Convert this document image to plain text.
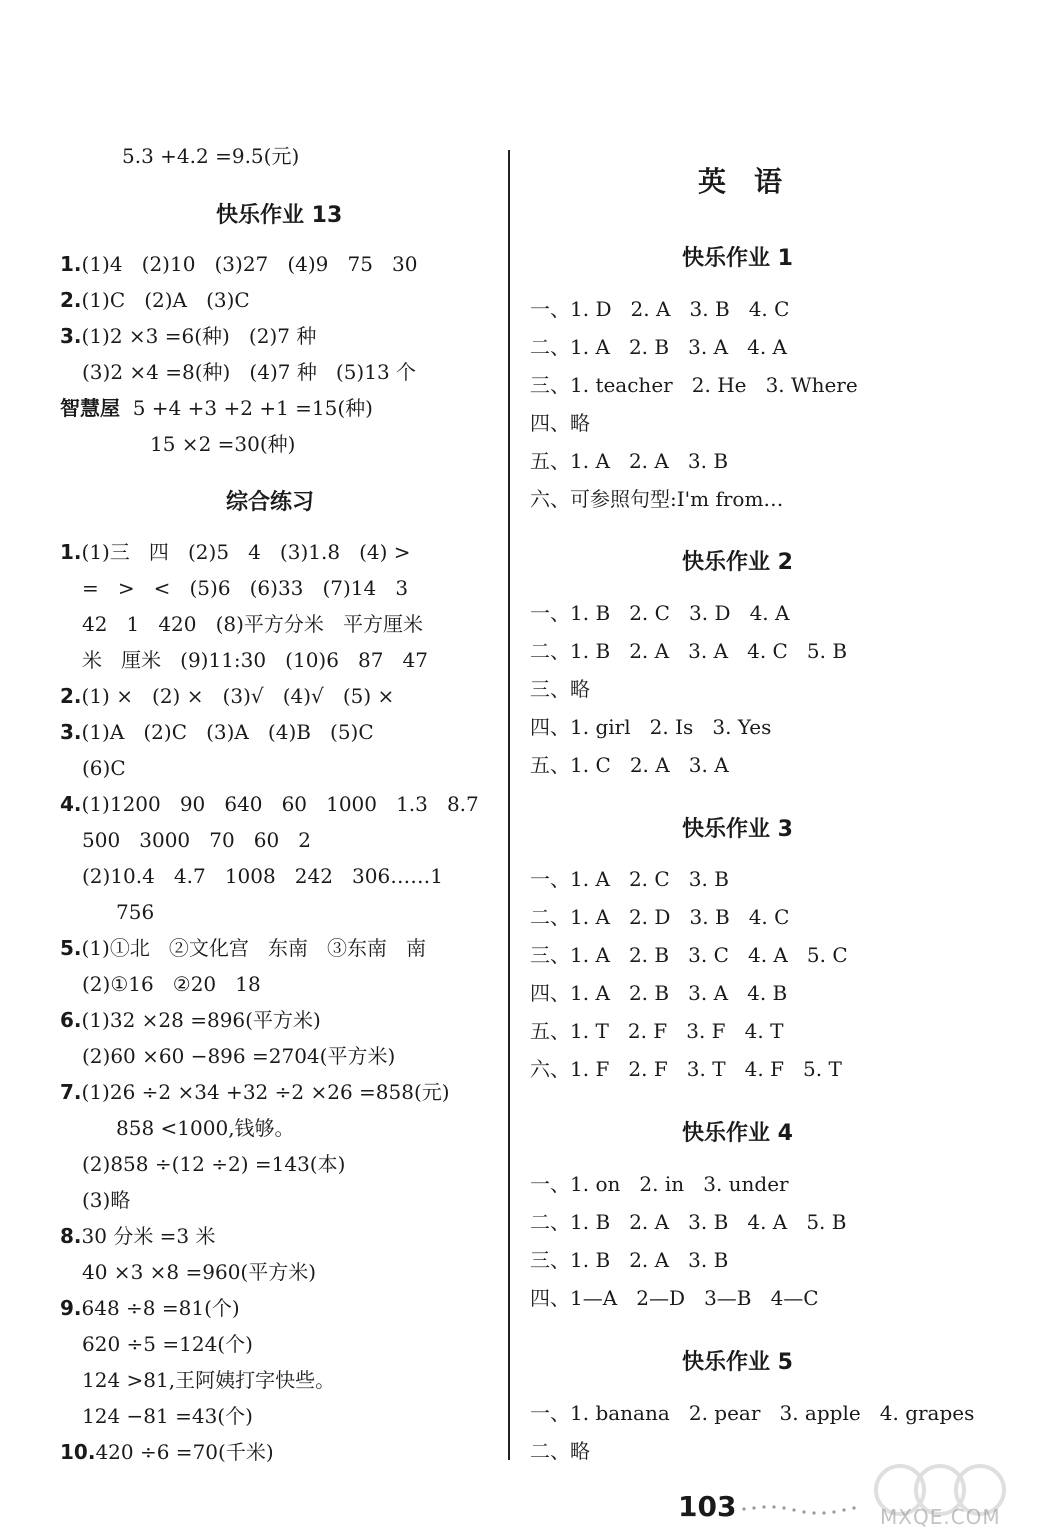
5.3 +4.2 =9.5(元)
快乐作业 13
1.(1)4   (2)10   (3)27   (4)9   75   30
2.(1)C   (2)A   (3)C
3.(1)2 ×3 =6(种)   (2)7 种
(3)2 ×4 =8(种)   (4)7 种   (5)13 个
智慧屋  5 +4 +3 +2 +1 =15(种)
15 ×2 =30(种)
综合练习
1.(1)三   四   (2)5   4   (3)1.8   (4) >
=   >   <   (5)6   (6)33   (7)14   3
42   1   420   (8)平方分米   平方厘米
米   厘米   (9)11:30   (10)6   87   47
2.(1) ×   (2) ×   (3)√   (4)√   (5) ×
3.(1)A   (2)C   (3)A   (4)B   (5)C
(6)C
4.(1)1200   90   640   60   1000   1.3   8.7
500   3000   70   60   2
(2)10.4   4.7   1008   242   306……1
756
5.(1)①北   ②文化宫   东南   ③东南   南
(2)①16   ②20   18
6.(1)32 ×28 =896(平方米)
(2)60 ×60 −896 =2704(平方米)
7.(1)26 ÷2 ×34 +32 ÷2 ×26 =858(元)
858 <1000,钱够。
(2)858 ÷(12 ÷2) =143(本)
(3)略
8.30 分米 =3 米
40 ×3 ×8 =960(平方米)
9.648 ÷8 =81(个)
620 ÷5 =124(个)
124 >81,王阿姨打字快些。
124 −81 =43(个)
10.420 ÷6 =70(千米)
英语
快乐作业 1
一、1. D   2. A   3. B   4. C
二、1. A   2. B   3. A   4. A
三、1. teacher   2. He   3. Where
四、略
五、1. A   2. A   3. B
六、可参照句型:I'm from…
快乐作业 2
一、1. B   2. C   3. D   4. A
二、1. B   2. A   3. A   4. C   5. B
三、略
四、1. girl   2. Is   3. Yes
五、1. C   2. A   3. A
快乐作业 3
一、1. A   2. C   3. B
二、1. A   2. D   3. B   4. C
三、1. A   2. B   3. C   4. A   5. C
四、1. A   2. B   3. A   4. B
五、1. T   2. F   3. F   4. T
六、1. F   2. F   3. T   4. F   5. T
快乐作业 4
一、1. on   2. in   3. under
二、1. B   2. A   3. B   4. A   5. B
三、1. B   2. A   3. B
四、1—A   2—D   3—B   4—C
快乐作业 5
一、1. banana   2. pear   3. apple   4. grapes
二、略
103	MXQE.COM
